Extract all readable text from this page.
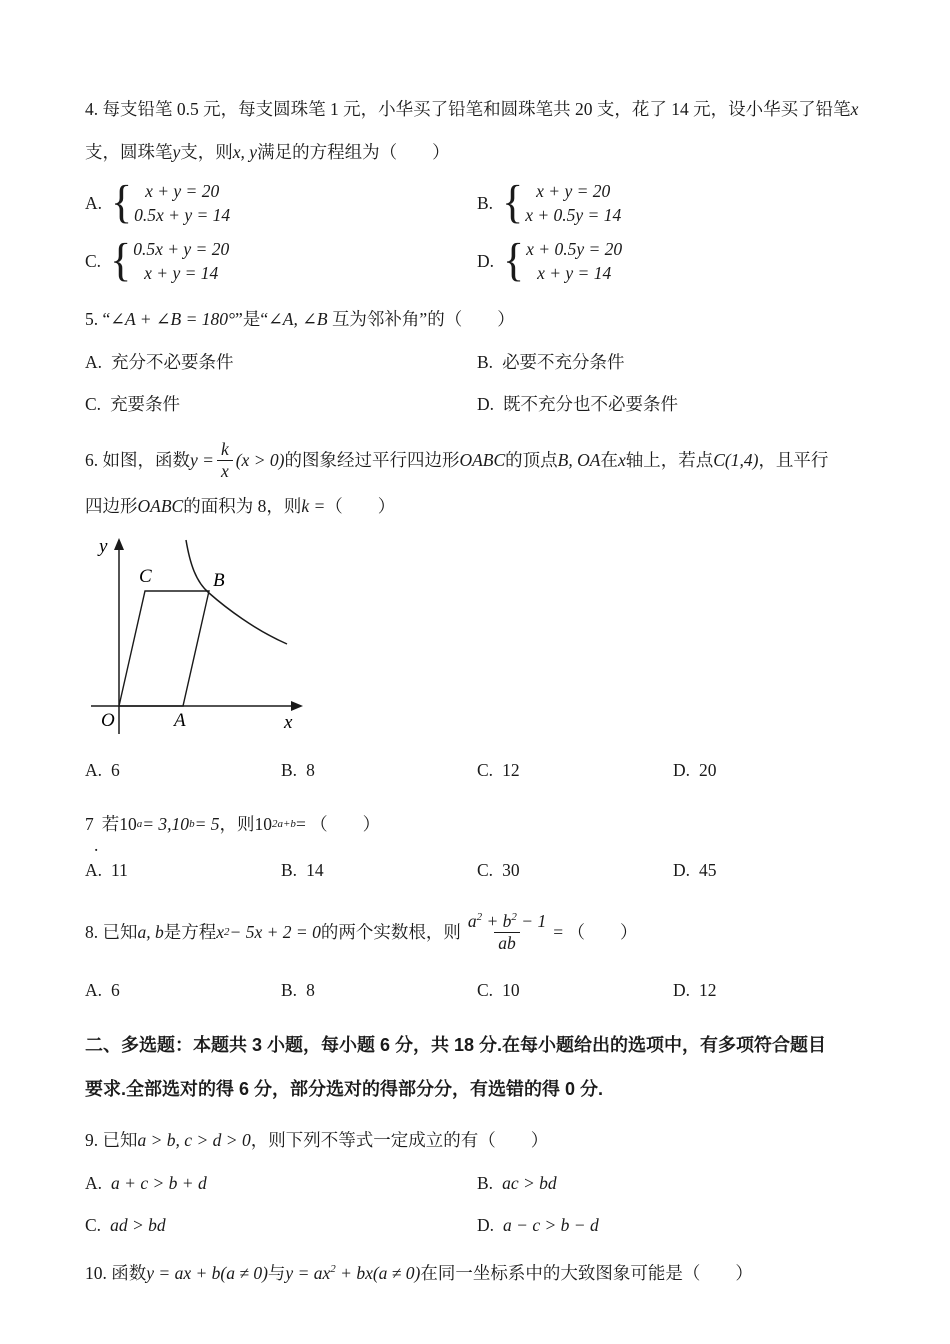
4. 每支铅笔 0.5 元，每支圆珠笔 1 元，小华买了铅笔和圆珠笔共 20 支，花了 14 元，设小华买了铅笔x
支，圆珠笔y支，则x, y满足的方程组为（　　）
A. { x + y = 20
0.5x + y = 14
B. { x + y = 20
x + 0.5y = 14
C. { 0.5x + y = 20
x + y = 14
D. { x + 0.5y = 20
x + y = 14
5. “∠A + ∠B = 180°”是“∠A, ∠B 互为邻补角”的（　　）
A. 充分不必要条件	B. 必要不充分条件
C. 充要条件	D. 既不充分也不必要条件
6. 如图，函数 $y = \frac{k}{x} (x > 0)$ 的图象经过平行四边形 OABC 的顶点 B, OA 在 x 轴上，若点 C(1,4) ，且平行
四边形OABC的面积为 8，则k =（　　）
y
x
O	A
B
C
A. 6	B. 8	C. 12	D. 20
7
.
若 10 a = 3,10 b = 5 ，则 10 2a+b = （　　）
A. 11	B. 14	C. 30	D. 45
8. 已知 a, b 是方程 x 2 − 5x + 2 = 0 的两个实数根，则 $\frac{a^2 + b^2 - 1}{ab}$ = （　　）
A. 6	B. 8	C. 10	D. 12
二、多选题：本题共 3 小题，每小题 6 分，共 18 分.在每小题给出的选项中，有多项符合题目
要求.全部选对的得 6 分，部分选对的得部分分，有选错的得 0 分.
9. 已知a > b, c > d > 0，则下列不等式一定成立的有（　　）
A. a + c > b + d	B. ac > bd
C. ad > bd	D. a − c > b − d
10. 函数y = ax + b(a ≠ 0)与$y = ax^2 + bx(a \ne 0)$在同一坐标系中的大致图象可能是（　　）
